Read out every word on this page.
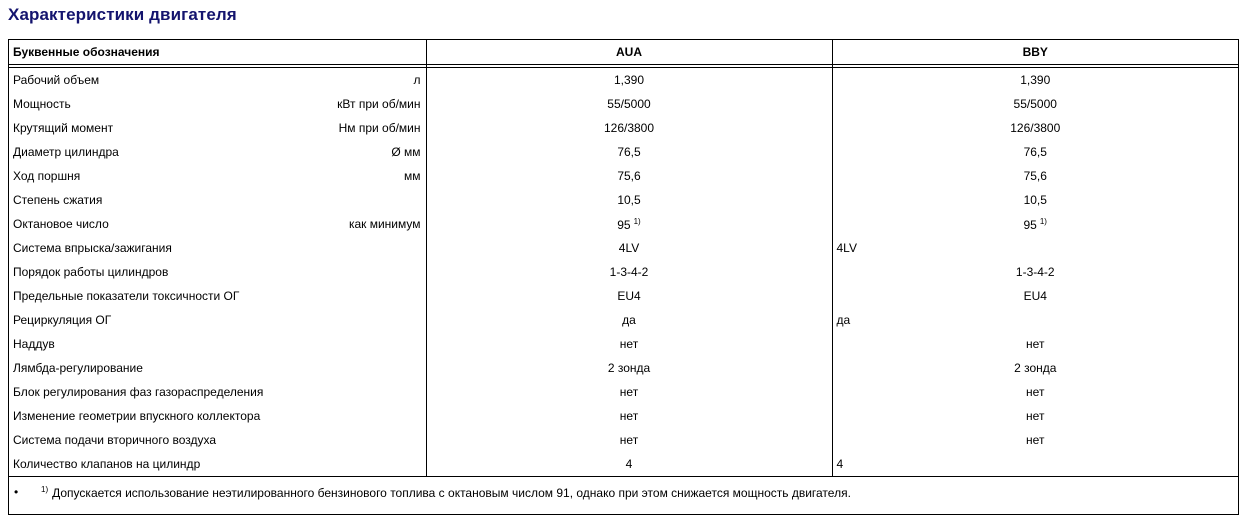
Характеристики двигателя
Буквенные обозначения	AUA	BBY

Рабочий объем л	1,390	1,390
Мощность кВт при об/мин	55/5000	55/5000
Крутящий момент Нм при об/мин	126/3800	126/3800
Диаметр цилиндра Ø мм	76,5	76,5
Ход поршня мм	75,6	75,6
Степень сжатия	10,5	10,5
Октановое число как минимум	95 $^{1)}$	95 $^{1)}$
Система впрыска/зажигания	4LV	4LV
Порядок работы цилиндров	1-3-4-2	1-3-4-2
Предельные показатели токсичности ОГ	EU4	EU4
Рециркуляция ОГ	да	да
Наддув	нет	нет
Лямбда-регулирование	2 зонда	2 зонда
Блок регулирования фаз газораспределения	нет	нет
Изменение геометрии впускного коллектора	нет	нет
Система подачи вторичного воздуха	нет	нет
Количество клапанов на цилиндр	4	4
•	$^{1)}$ Допускается использование неэтилированного бензинового топлива с октановым числом 91, однако при этом снижается мощность двигателя.
